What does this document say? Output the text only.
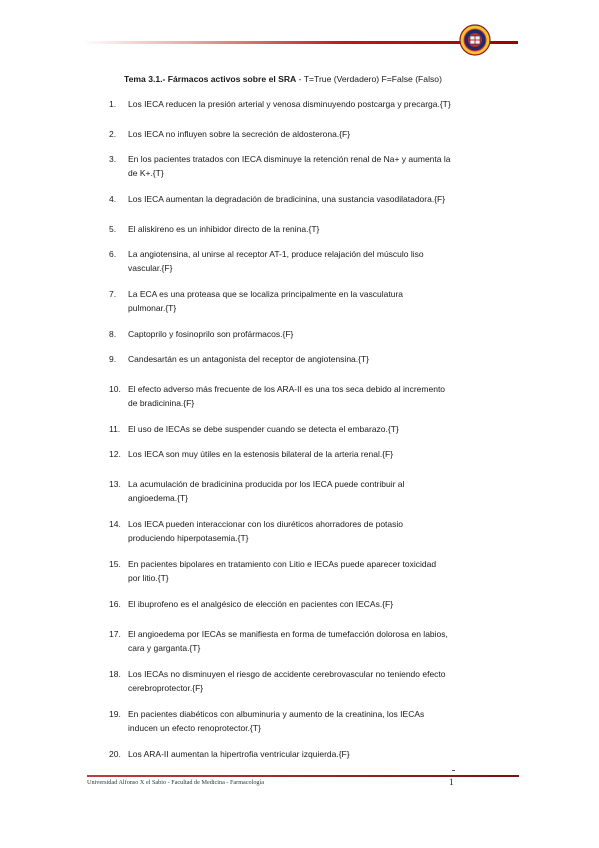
Tema 3.1.- Fármacos activos sobre el SRA - T=True (Verdadero) F=False (Falso)
1.	Los IECA reducen la presión arterial y venosa disminuyendo postcarga y precarga.{T}
2.	Los IECA no influyen sobre la secreción de aldosterona.{F}
3.	En los pacientes tratados con IECA disminuye la retención renal de Na+ y aumenta la
de K+.{T}
4.	Los IECA aumentan la degradación de bradicinina, una sustancia vasodilatadora.{F}
5.	El aliskireno es un inhibidor directo de la renina.{T}
6.	La angiotensina, al unirse al receptor AT-1, produce relajación del músculo liso
vascular.{F}
7.	La ECA es una proteasa que se localiza principalmente en la vasculatura
pulmonar.{T}
8.	Captoprilo y fosinoprilo son profármacos.{F}
9.	Candesartán es un antagonista del receptor de angiotensina.{T}
10. El efecto adverso más frecuente de los ARA-II es una tos seca debido al incremento
de bradicinina.{F}
11. El uso de IECAs se debe suspender cuando se detecta el embarazo.{T}
12. Los IECA son muy útiles en la estenosis bilateral de la arteria renal.{F}
13. La acumulación de bradicinina producida por los IECA puede contribuir al
angioedema.{T}
14. Los IECA pueden interaccionar con los diuréticos ahorradores de potasio
produciendo hiperpotasemia.{T}
15. En pacientes bipolares en tratamiento con Litio e IECAs puede aparecer toxicidad
por litio.{T}
16. El ibuprofeno es el analgésico de elección en pacientes con IECAs.{F}
17. El angioedema por IECAs se manifiesta en forma de tumefacción dolorosa en labios,
cara y garganta.{T}
18. Los IECAs no disminuyen el riesgo de accidente cerebrovascular no teniendo efecto
cerebroprotector.{F}
19. En pacientes diabéticos con albuminuria y aumento de la creatinina, los IECAs
inducen un efecto renoprotector.{T}
20. Los ARA-II aumentan la hipertrofia ventricular izquierda.{F}
Universidad Alfonso X el Sabio - Facultad de Medicina - Farmacología	1
